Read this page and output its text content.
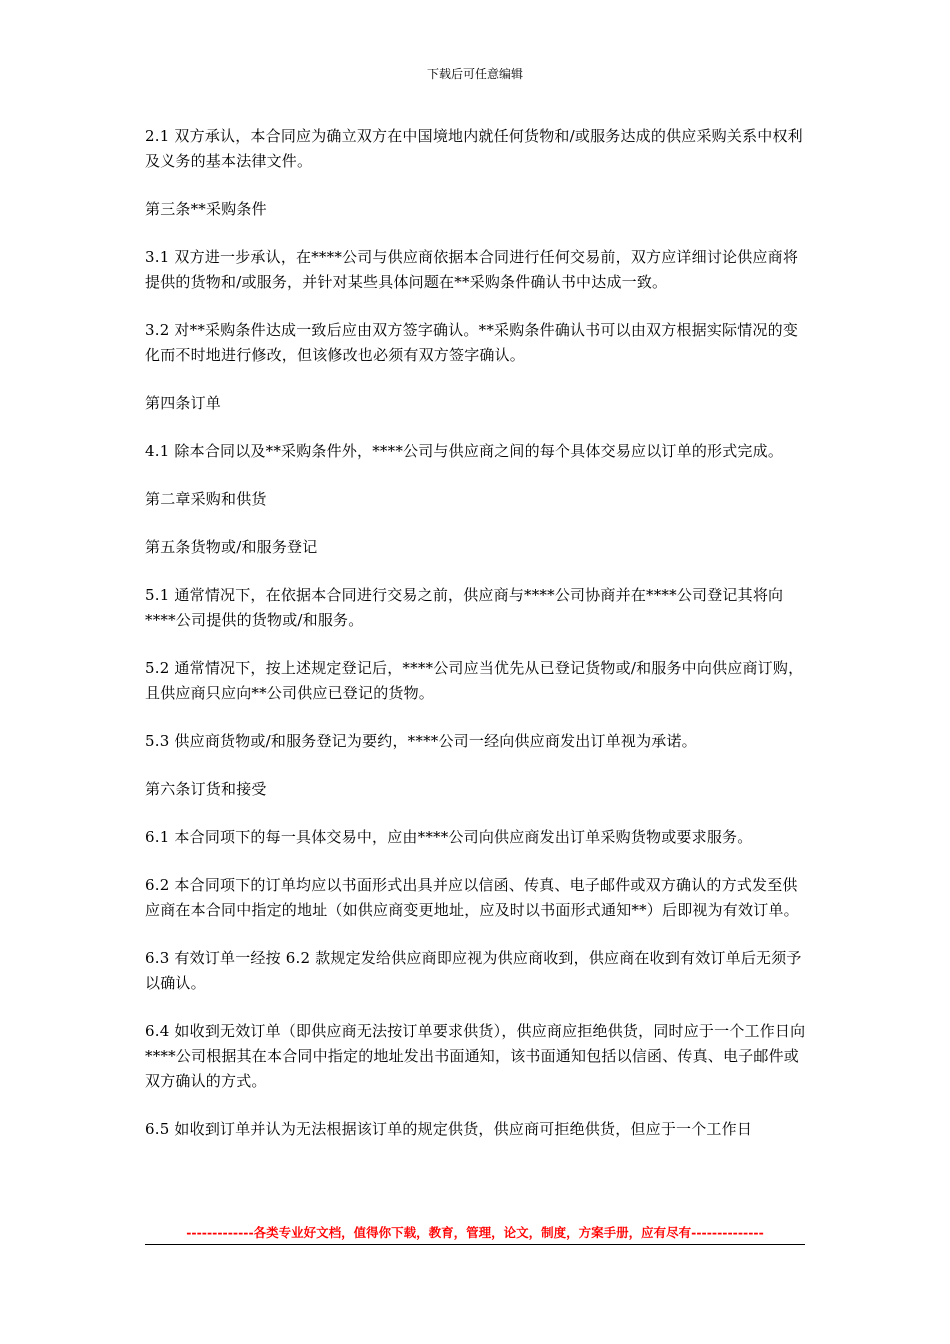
下载后可任意编辑

2.1 双方承认，本合同应为确立双方在中国境地内就任何货物和/或服务达成的供应采购关系中权利及义务的基本法律文件。

第三条**采购条件

3.1 双方进一步承认，在****公司与供应商依据本合同进行任何交易前，双方应详细讨论供应商将提供的货物和/或服务，并针对某些具体问题在**采购条件确认书中达成一致。

3.2 对**采购条件达成一致后应由双方签字确认。**采购条件确认书可以由双方根据实际情况的变化而不时地进行修改，但该修改也必须有双方签字确认。

第四条订单

4.1 除本合同以及**采购条件外，****公司与供应商之间的每个具体交易应以订单的形式完成。

第二章采购和供货

第五条货物或/和服务登记

5.1 通常情况下，在依据本合同进行交易之前，供应商与****公司协商并在****公司登记其将向****公司提供的货物或/和服务。

5.2 通常情况下，按上述规定登记后，****公司应当优先从已登记货物或/和服务中向供应商订购，且供应商只应向**公司供应已登记的货物。

5.3 供应商货物或/和服务登记为要约，****公司一经向供应商发出订单视为承诺。

第六条订货和接受

6.1 本合同项下的每一具体交易中，应由****公司向供应商发出订单采购货物或要求服务。

6.2 本合同项下的订单均应以书面形式出具并应以信函、传真、电子邮件或双方确认的方式发至供应商在本合同中指定的地址（如供应商变更地址，应及时以书面形式通知**）后即视为有效订单。

6.3 有效订单一经按 6.2 款规定发给供应商即应视为供应商收到，供应商在收到有效订单后无须予以确认。

6.4 如收到无效订单（即供应商无法按订单要求供货），供应商应拒绝供货，同时应于一个工作日向****公司根据其在本合同中指定的地址发出书面通知，该书面通知包括以信函、传真、电子邮件或双方确认的方式。

6.5 如收到订单并认为无法根据该订单的规定供货，供应商可拒绝供货，但应于一个工作日

-------------各类专业好文档，值得你下载，教育，管理，论文，制度，方案手册，应有尽有--------------
